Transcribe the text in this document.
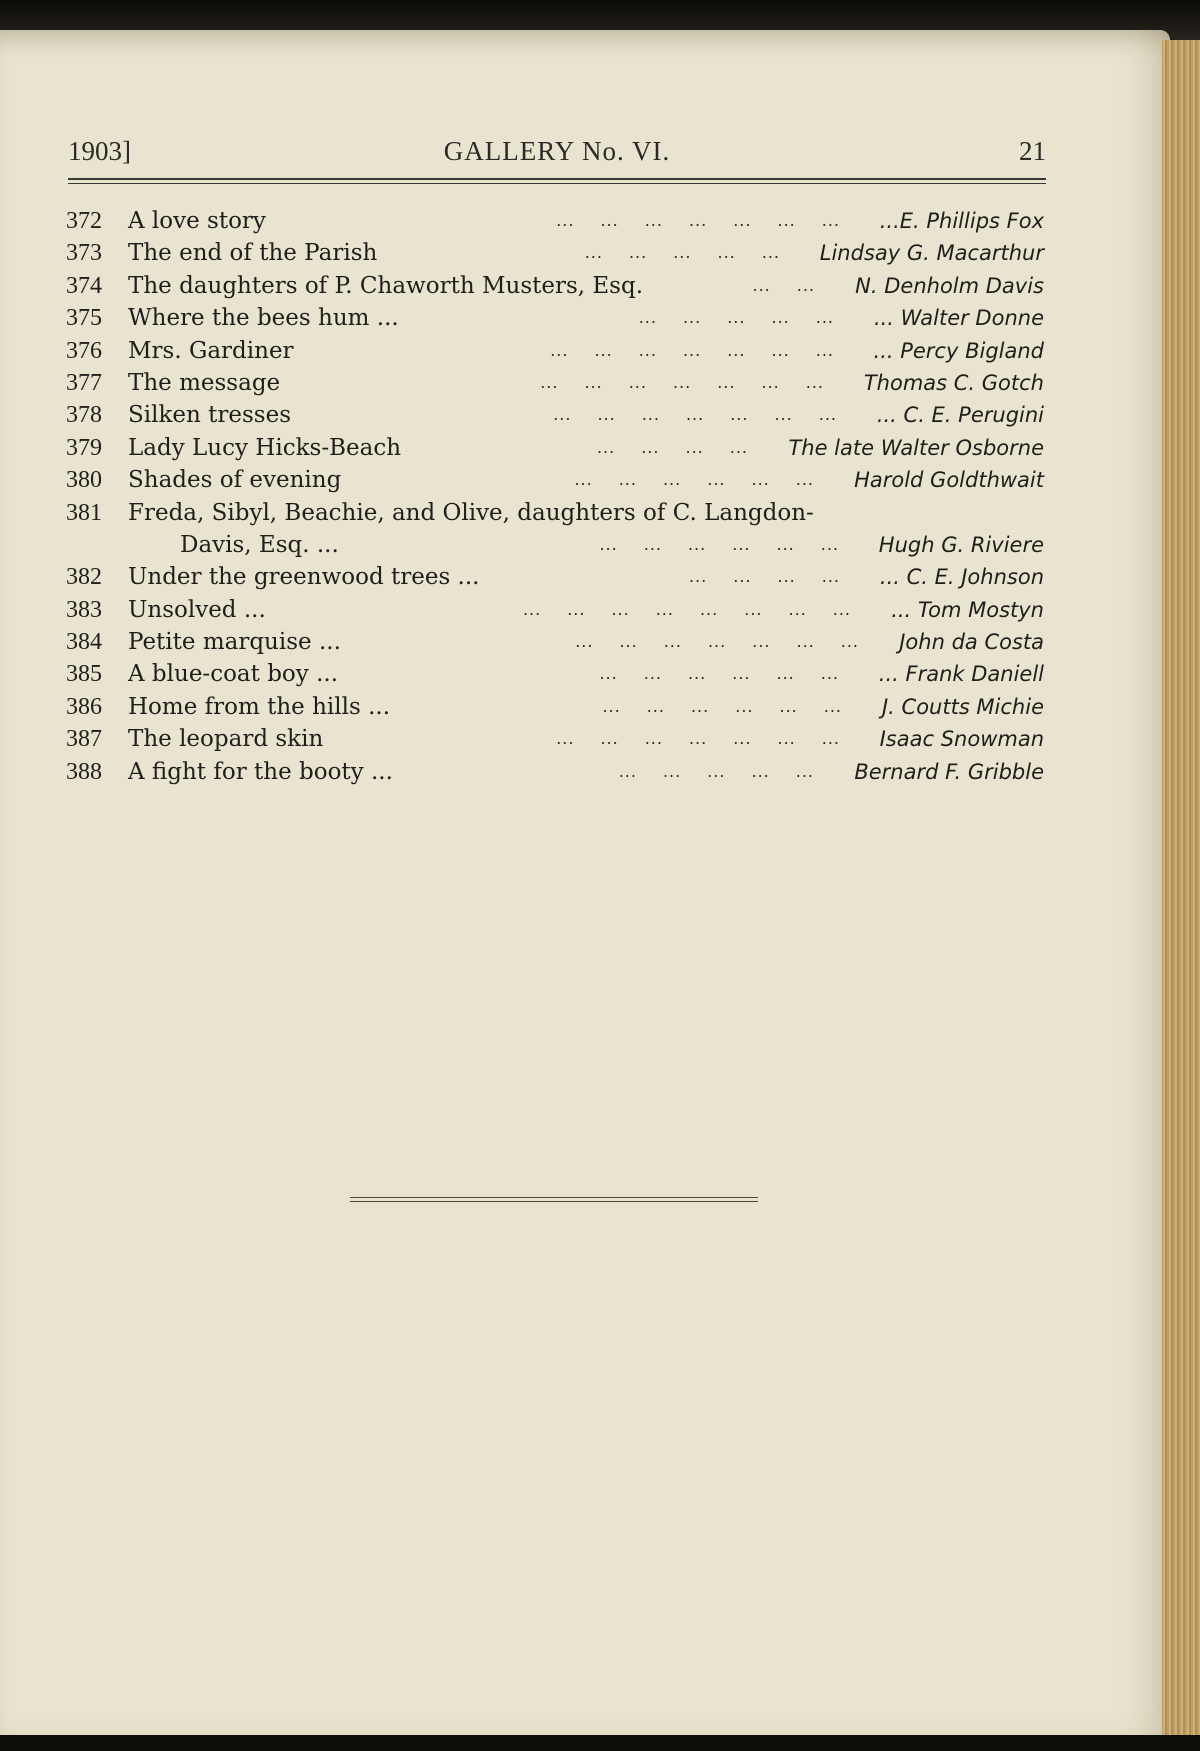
1903]	GALLERY No. VI.	21
372 A love story	...  ...  ...  ...  ...  ...  ...   ...E. Phillips Fox
373 The end of the Parish	...  ...  ...  ...  ...   Lindsay G. Macarthur
374 The daughters of P. Chaworth Musters, Esq.	...  ...   N. Denholm Davis
375 Where the bees hum ...	...  ...  ...  ...  ...   ... Walter Donne
376 Mrs. Gardiner	...  ...  ...  ...  ...  ...  ...   ... Percy Bigland
377 The message	...  ...  ...  ...  ...  ...  ...   Thomas C. Gotch
378 Silken tresses	...  ...  ...  ...  ...  ...  ...   ... C. E. Perugini
379 Lady Lucy Hicks-Beach	...  ...  ...  ...   The late Walter Osborne
380 Shades of evening	...  ...  ...  ...  ...  ...   Harold Goldthwait
381 Freda, Sibyl, Beachie, and Olive, daughters of C. Langdon-
Davis, Esq. ...	...  ...  ...  ...  ...  ...   Hugh G. Riviere
382 Under the greenwood trees ...	...  ...  ...  ...   ... C. E. Johnson
383 Unsolved ...	...  ...  ...  ...  ...  ...  ...  ...   ... Tom Mostyn
384 Petite marquise ...	...  ...  ...  ...  ...  ...  ...   John da Costa
385 A blue-coat boy ...	...  ...  ...  ...  ...  ...   ... Frank Daniell
386 Home from the hills ...	...  ...  ...  ...  ...  ...   J. Coutts Michie
387 The leopard skin	...  ...  ...  ...  ...  ...  ...   Isaac Snowman
388 A fight for the booty ...	...  ...  ...  ...  ...   Bernard F. Gribble
